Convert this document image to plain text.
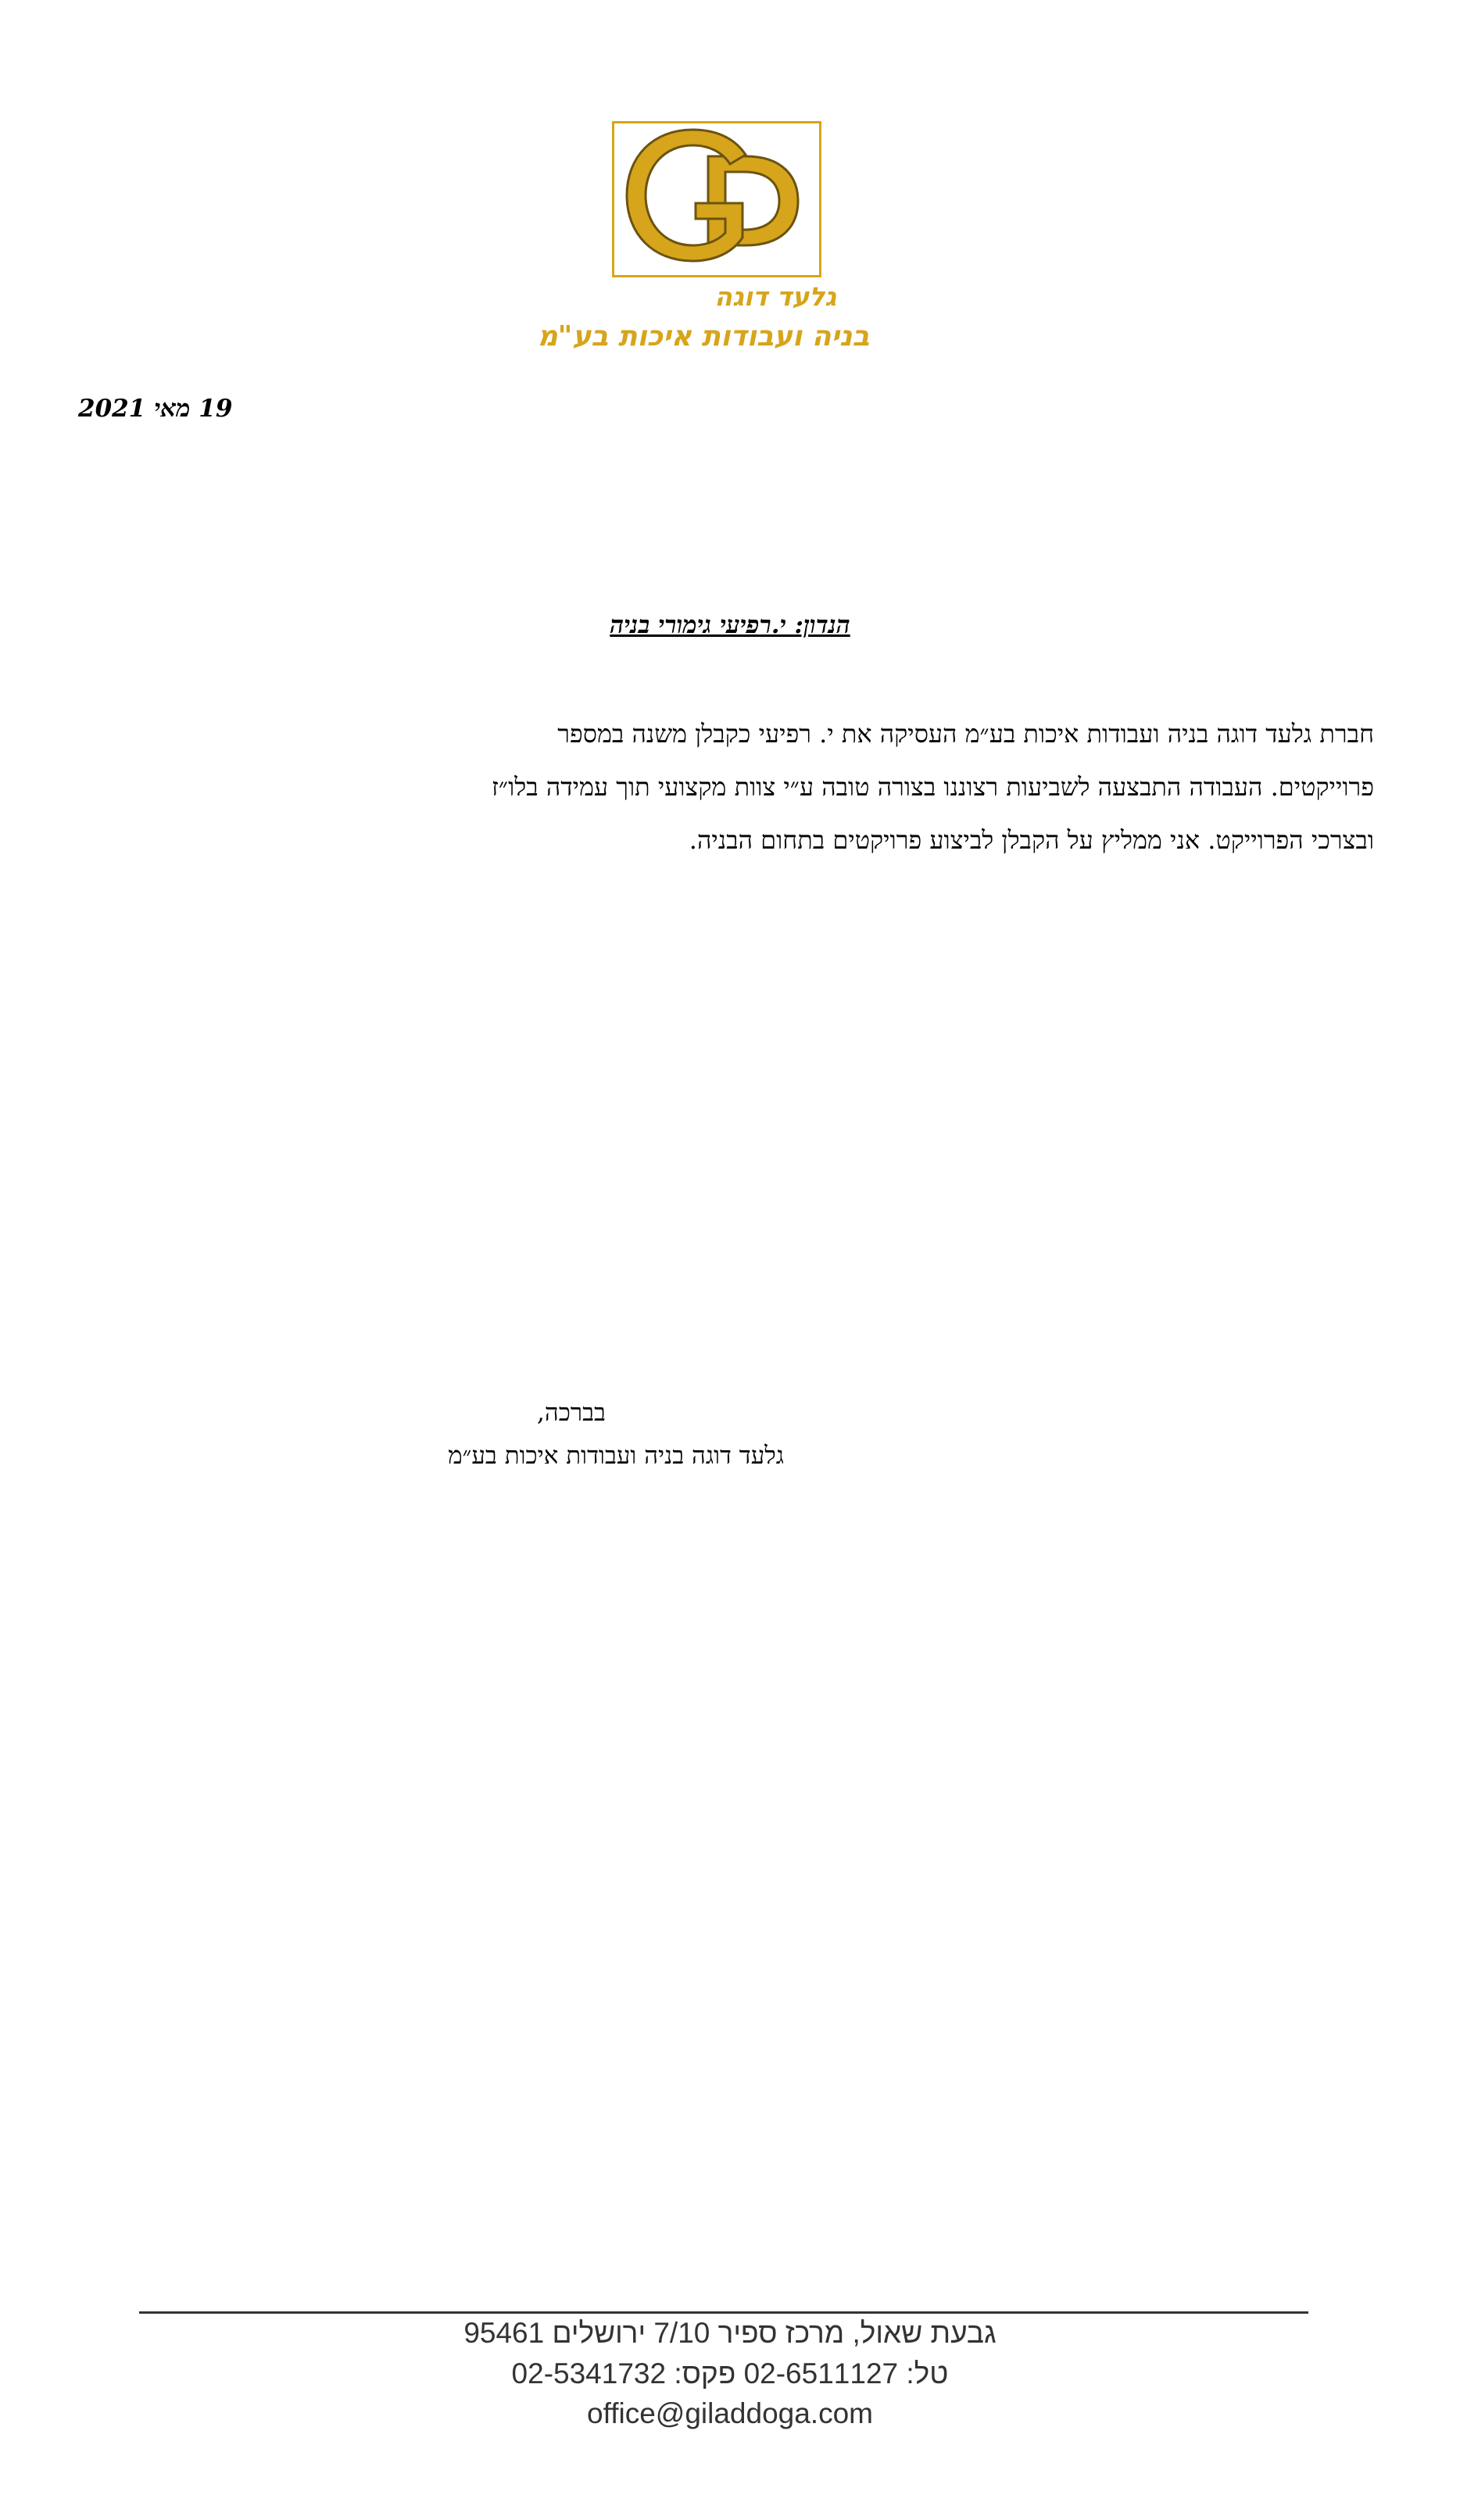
גלעד דוגה
בניה ועבודות איכות בע"מ
19 מאי 2021
הנדון: י.רפיעי גימורי בניה
חברת גלעד דוגה בניה ועבודות איכות בע״מ העסיקה את י. רפיעי כקבלן משנה במספר
פרוייקטים. העבודה התבצעה לשביעות רצוננו בצורה טובה ע״י צוות מקצועי תוך עמידה בלו״ז
ובצרכי הפרוייקט. אני ממליץ על הקבלן לביצוע פרויקטים בתחום הבניה.
בברכה,
גלעד דוגה בניה ועבודות איכות בע״מ
גבעת שאול, מרכז ספיר 7/10 ירושלים 95461
טל: 02-6511127 פקס: 02-5341732
office@giladdoga.com
